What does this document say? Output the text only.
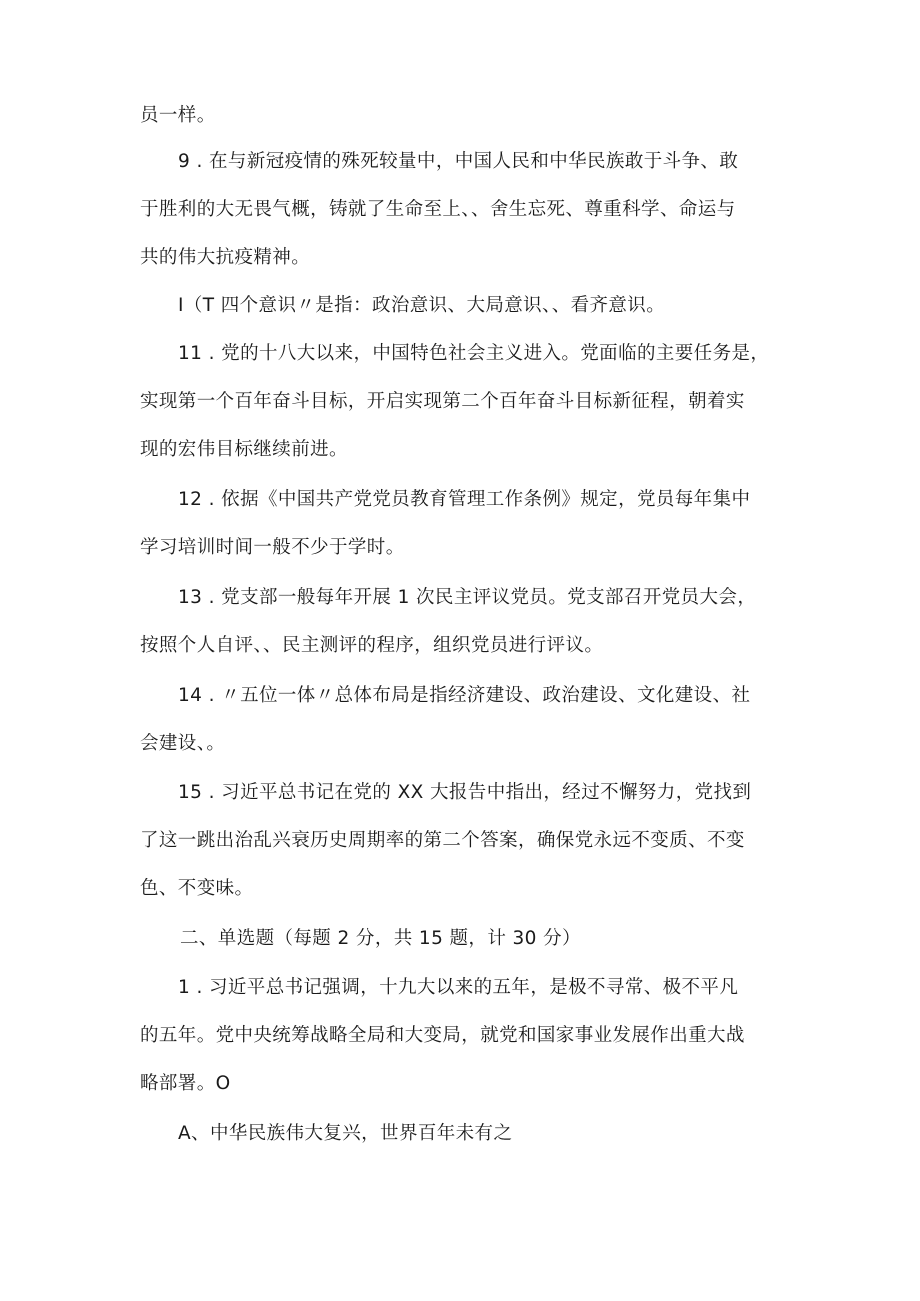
员一样。
9 . 在与新冠疫情的殊死较量中，中国人民和中华民族敢于斗争、敢
于胜利的大无畏气概，铸就了生命至上、、舍生忘死、尊重科学、命运与
共的伟大抗疫精神。
I（T 四个意识〃是指：政治意识、大局意识、、看齐意识。
11 . 党的十八大以来，中国特色社会主义进入。党面临的主要任务是，
实现第一个百年奋斗目标，开启实现第二个百年奋斗目标新征程，朝着实
现的宏伟目标继续前进。
12 . 依据《中国共产党党员教育管理工作条例》规定，党员每年集中
学习培训时间一般不少于学时。
13 . 党支部一般每年开展 1 次民主评议党员。党支部召开党员大会，
按照个人自评、、民主测评的程序，组织党员进行评议。
14 . 〃五位一体〃总体布局是指经济建设、政治建设、文化建设、社
会建设、。
15 . 习近平总书记在党的 XX 大报告中指出，经过不懈努力，党找到
了这一跳出治乱兴衰历史周期率的第二个答案，确保党永远不变质、不变
色、不变味。
二、单选题（每题 2 分，共 15 题，计 30 分）
1 . 习近平总书记强调，十九大以来的五年，是极不寻常、极不平凡
的五年。党中央统筹战略全局和大变局，就党和国家事业发展作出重大战
略部署。O
A、中华民族伟大复兴，世界百年未有之
